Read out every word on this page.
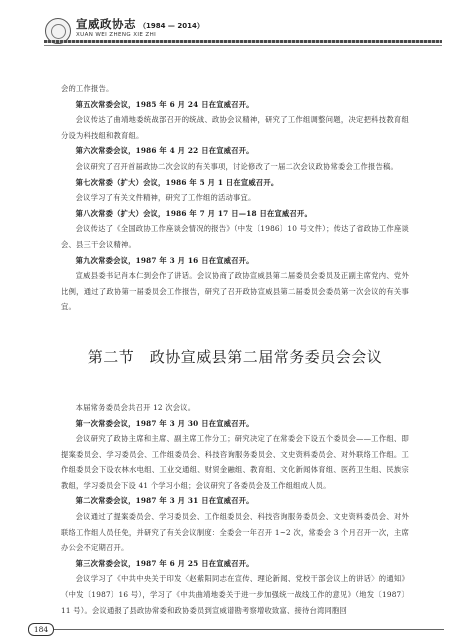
宣威政协志 （1984 — 2014）
XUAN WEI ZHENG XIE ZHI

会的工作报告。

第五次常委会议，1985 年 6 月 24 日在宣威召开。

会议传达了曲靖地委统战部召开的统战、政协会议精神，研究了工作组调整问题，决定把科技教育组分设为科技组和教育组。

第六次常委会议，1986 年 4 月 22 日在宣威召开。

会议研究了召开首届政协二次会议的有关事项，讨论修改了一届二次会议政协常委会工作报告稿。

第七次常委（扩大）会议，1986 年 5 月 1 日在宣威召开。

会议学习了有关文件精神，研究了工作组的活动事宜。

第八次常委（扩大）会议，1986 年 7 月 17 日—18 日在宣威召开。

会议传达了《全国政协工作座谈会情况的报告》（中发〔1986〕10 号文件）；传达了省政协工作座谈会、县三干会议精神。

第九次常委会议，1987 年 3 月 16 日在宣威召开。

宣威县委书记肖本仁到会作了讲话。会议协商了政协宣威县第二届委员会委员及正副主席党内、党外比例，通过了政协第一届委员会工作报告，研究了召开政协宣威县第二届委员会委员第一次会议的有关事宜。

第二节　政协宣威县第二届常务委员会会议

本届常务委员会共召开 12 次会议。

第一次常委会议，1987 年 3 月 30 日在宣威召开。

会议研究了政协主席和主席、副主席工作分工；研究决定了在常委会下设五个委员会——工作组、即提案委员会、学习委员会、工作组委员会、科技咨询服务委员会、文史资料委员会、对外联络工作组。工作组委员会下设农林水电组、工业交通组、财贸金融组、教育组、文化新闻体育组、医药卫生组、民族宗教组，学习委员会下设 41 个学习小组；会议研究了各委员会及工作组组成人员。

第二次常委会议，1987 年 3 月 31 日在宣威召开。

会议通过了提案委员会、学习委员会、工作组委员会、科技咨询服务委员会、文史资料委员会、对外联络工作组人员任免，并研究了有关会议制度：全委会一年召开 1~2 次，常委会 3 个月召开一次，主席办公会不定期召开。

第三次常委会议，1987 年 6 月 25 日在宣威召开。

会议学习了《中共中央关于印发〈赵紫阳同志在宣传、理论新闻、党校干部会议上的讲话〉的通知》（中发〔1987〕16 号），学习了《中共曲靖地委关于进一步加强统一战线工作的意见》（地发〔1987〕11 号）。会议通报了县政协常委和政协委员到宣威谱勘考察增收致富、接待台湾同胞回

184
